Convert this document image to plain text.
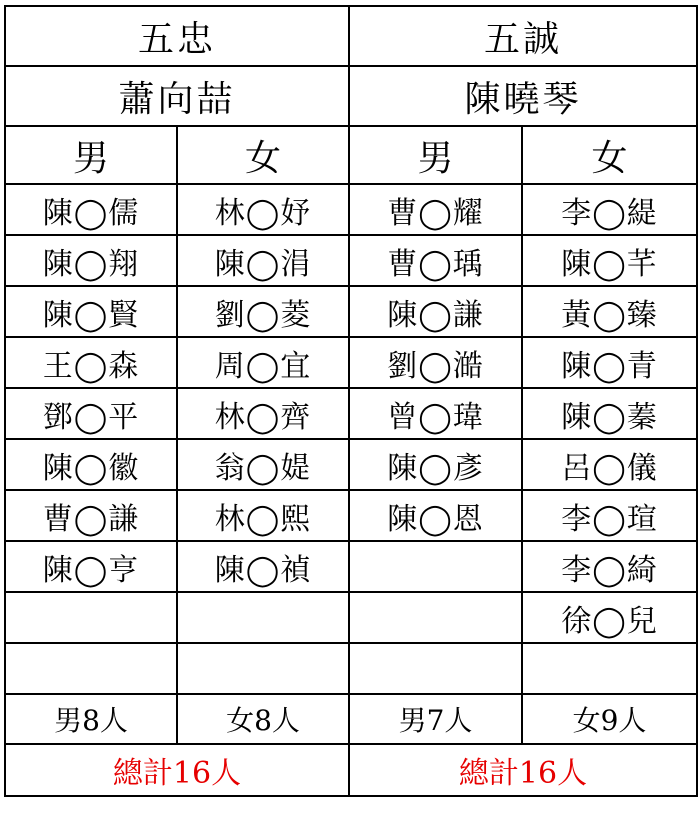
五忠		五誠	
蕭向喆		陳曉琴	
男	女	男	女
陳◯儒	林◯妤	曹◯耀	李◯緹
陳◯翔	陳◯涓	曹◯瑀	陳◯芊
陳◯賢	劉◯菱	陳◯謙	黃◯臻
王◯森	周◯宜	劉◯澔	陳◯青
鄧◯平	林◯齊	曾◯瑋	陳◯蓁
陳◯徽	翁◯媞	陳◯彥	呂◯儀
曹◯謙	林◯熙	陳◯恩	李◯瑄
陳◯亨	陳◯禎		李◯綺
			徐◯兒

男8人	女8人	男7人	女9人
總計16人		總計16人	
